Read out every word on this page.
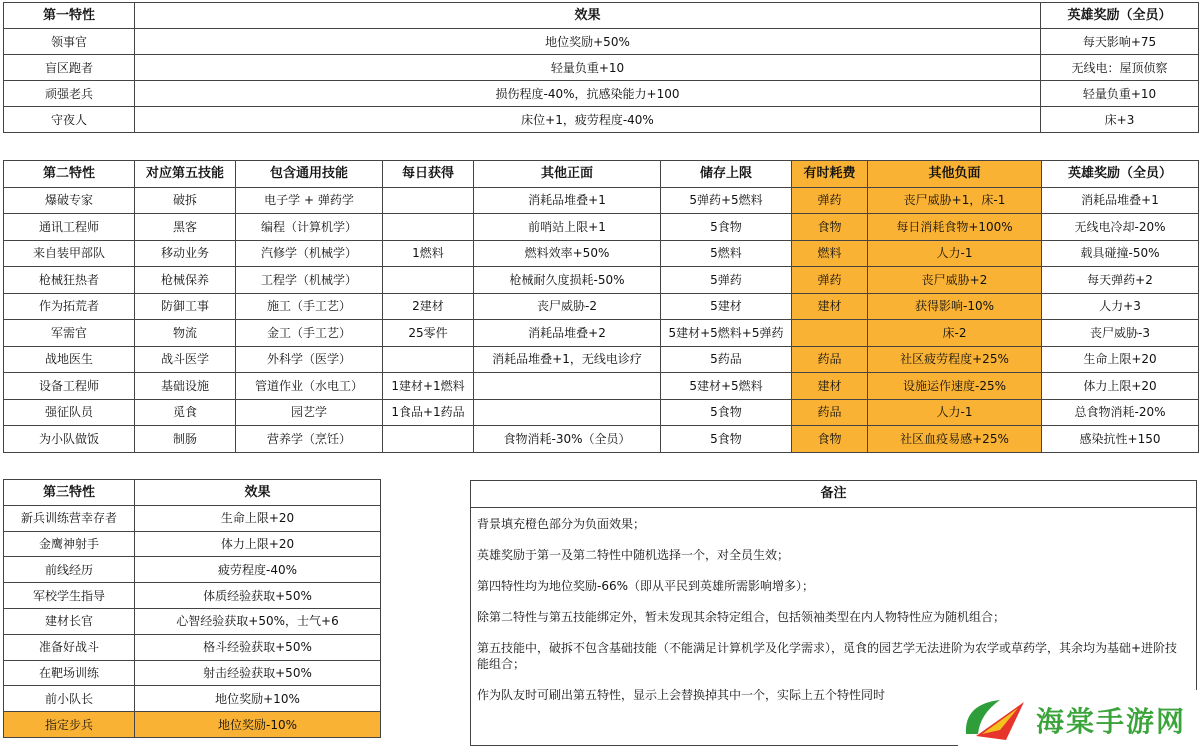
第一特性	效果	英雄奖励（全员）
领事官	地位奖励+50%	每天影响+75
盲区跑者	轻量负重+10	无线电：屋顶侦察
顽强老兵	损伤程度-40%，抗感染能力+100	轻量负重+10
守夜人	床位+1，疲劳程度-40%	床+3
第二特性	对应第五技能	包含通用技能	每日获得	其他正面	储存上限	有时耗费	其他负面	英雄奖励（全员）
爆破专家	破拆	电子学 + 弹药学		消耗品堆叠+1	5弹药+5燃料	弹药	丧尸威胁+1，床-1	消耗品堆叠+1
通讯工程师	黑客	编程（计算机学）		前哨站上限+1	5食物	食物	每日消耗食物+100%	无线电冷却-20%
来自装甲部队	移动业务	汽修学（机械学）	1燃料	燃料效率+50%	5燃料	燃料	人力-1	载具碰撞-50%
枪械狂热者	枪械保养	工程学（机械学）		枪械耐久度损耗-50%	5弹药	弹药	丧尸威胁+2	每天弹药+2
作为拓荒者	防御工事	施工（手工艺）	2建材	丧尸威胁-2	5建材	建材	获得影响-10%	人力+3
军需官	物流	金工（手工艺）	25零件	消耗品堆叠+2	5建材+5燃料+5弹药		床-2	丧尸威胁-3
战地医生	战斗医学	外科学（医学）		消耗品堆叠+1，无线电诊疗	5药品	药品	社区疲劳程度+25%	生命上限+20
设备工程师	基础设施	管道作业（水电工）	1建材+1燃料		5建材+5燃料	建材	设施运作速度-25%	体力上限+20
强征队员	觅食	园艺学	1食品+1药品		5食物	药品	人力-1	总食物消耗-20%
为小队做饭	制肠	营养学（烹饪）		食物消耗-30%（全员）	5食物	食物	社区血疫易感+25%	感染抗性+150
第三特性	效果
新兵训练营幸存者	生命上限+20
金鹰神射手	体力上限+20
前线经历	疲劳程度-40%
军校学生指导	体质经验获取+50%
建材长官	心智经验获取+50%，士气+6
准备好战斗	格斗经验获取+50%
在靶场训练	射击经验获取+50%
前小队长	地位奖励+10%
指定步兵	地位奖励-10%
备注

背景填充橙色部分为负面效果；

英雄奖励于第一及第二特性中随机选择一个，对全员生效；

第四特性均为地位奖励-66%（即从平民到英雄所需影响增多）；

除第二特性与第五技能绑定外，暂未发现其余特定组合，包括领袖类型在内人物特性应为随机组合；

第五技能中，破拆不包含基础技能（不能满足计算机学及化学需求），觅食的园艺学无法进阶为农学或草药学，其余均为基础+进阶技能组合；

作为队友时可刷出第五特性，显示上会替换掉其中一个，实际上五个特性同时

海棠手游网
